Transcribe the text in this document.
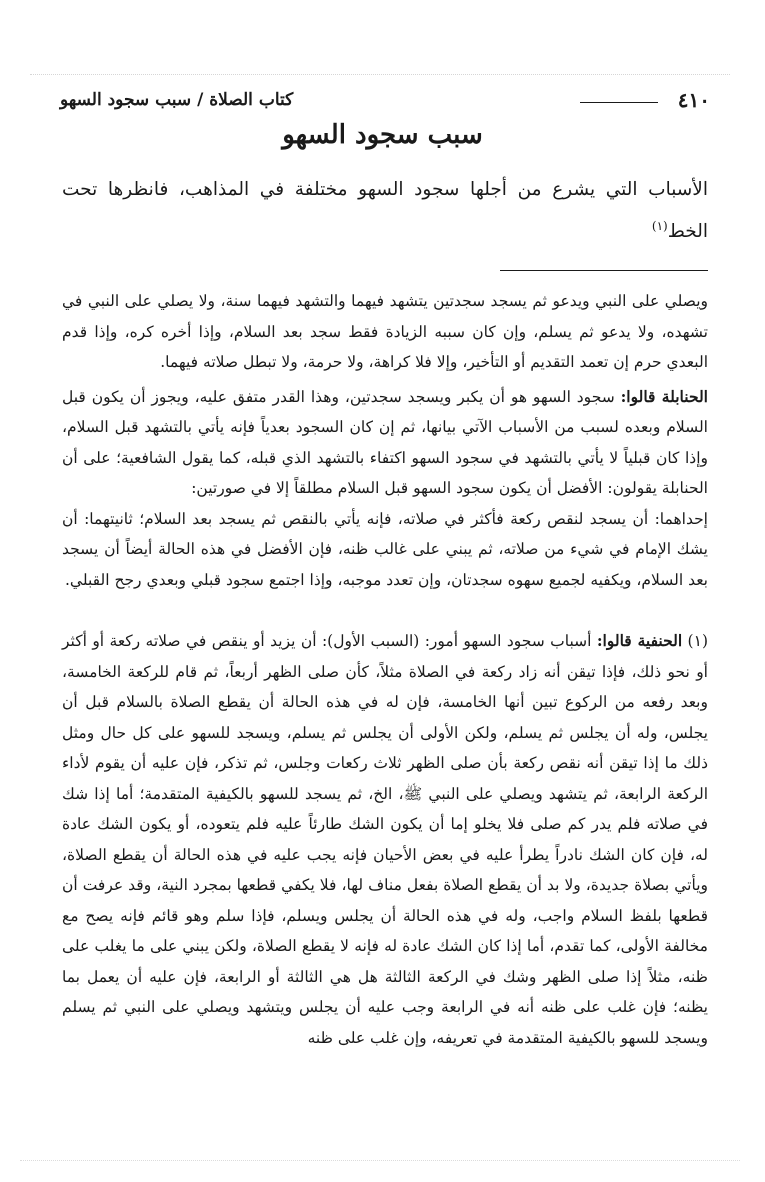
٤١٠
كتاب الصلاة / سبب سجود السهو
سبب سجود السهو
الأسباب التي يشرع من أجلها سجود السهو مختلفة في المذاهب، فانظرها تحت الخط$^{(١)}$

ويصلي على النبي ويدعو ثم يسجد سجدتين يتشهد فيهما والتشهد فيهما سنة، ولا يصلي على النبي في تشهده، ولا يدعو ثم يسلم، وإن كان سببه الزيادة فقط سجد بعد السلام، وإذا أخره كره، وإذا قدم البعدي حرم إن تعمد التقديم أو التأخير، وإلا فلا كراهة، ولا حرمة، ولا تبطل صلاته فيهما.

الحنابلة قالوا: سجود السهو هو أن يكبر ويسجد سجدتين، وهذا القدر متفق عليه، ويجوز أن يكون قبل السلام وبعده لسبب من الأسباب الآتي بيانها، ثم إن كان السجود بعدياً فإنه يأتي بالتشهد قبل السلام، وإذا كان قبلياً لا يأتي بالتشهد في سجود السهو اكتفاء بالتشهد الذي قبله، كما يقول الشافعية؛ على أن الحنابلة يقولون: الأفضل أن يكون سجود السهو قبل السلام مطلقاً إلا في صورتين:

إحداهما: أن يسجد لنقص ركعة فأكثر في صلاته، فإنه يأتي بالنقص ثم يسجد بعد السلام؛ ثانيتهما: أن يشك الإمام في شيء من صلاته، ثم يبني على غالب ظنه، فإن الأفضل في هذه الحالة أيضاً أن يسجد بعد السلام، ويكفيه لجميع سهوه سجدتان، وإن تعدد موجبه، وإذا اجتمع سجود قبلي وبعدي رجح القبلي.

(١) الحنفية قالوا: أسباب سجود السهو أمور: (السبب الأول): أن يزيد أو ينقص في صلاته ركعة أو أكثر أو نحو ذلك، فإذا تيقن أنه زاد ركعة في الصلاة مثلاً، كأن صلى الظهر أربعاً، ثم قام للركعة الخامسة، وبعد رفعه من الركوع تبين أنها الخامسة، فإن له في هذه الحالة أن يقطع الصلاة بالسلام قبل أن يجلس، وله أن يجلس ثم يسلم، ولكن الأولى أن يجلس ثم يسلم، ويسجد للسهو على كل حال ومثل ذلك ما إذا تيقن أنه نقص ركعة بأن صلى الظهر ثلاث ركعات وجلس، ثم تذكر، فإن عليه أن يقوم لأداء الركعة الرابعة، ثم يتشهد ويصلي على النبي ﷺ، الخ، ثم يسجد للسهو بالكيفية المتقدمة؛ أما إذا شك في صلاته فلم يدر كم صلى فلا يخلو إما أن يكون الشك طارئاً عليه فلم يتعوده، أو يكون الشك عادة له، فإن كان الشك نادراً يطرأ عليه في بعض الأحيان فإنه يجب عليه في هذه الحالة أن يقطع الصلاة، ويأتي بصلاة جديدة، ولا بد أن يقطع الصلاة بفعل مناف لها، فلا يكفي قطعها بمجرد النية، وقد عرفت أن قطعها بلفظ السلام واجب، وله في هذه الحالة أن يجلس ويسلم، فإذا سلم وهو قائم فإنه يصح مع مخالفة الأولى، كما تقدم، أما إذا كان الشك عادة له فإنه لا يقطع الصلاة، ولكن يبني على ما يغلب على ظنه، مثلاً إذا صلى الظهر وشك في الركعة الثالثة هل هي الثالثة أو الرابعة، فإن عليه أن يعمل بما يظنه؛ فإن غلب على ظنه أنه في الرابعة وجب عليه أن يجلس ويتشهد ويصلي على النبي ثم يسلم ويسجد للسهو بالكيفية المتقدمة في تعريفه، وإن غلب على ظنه
